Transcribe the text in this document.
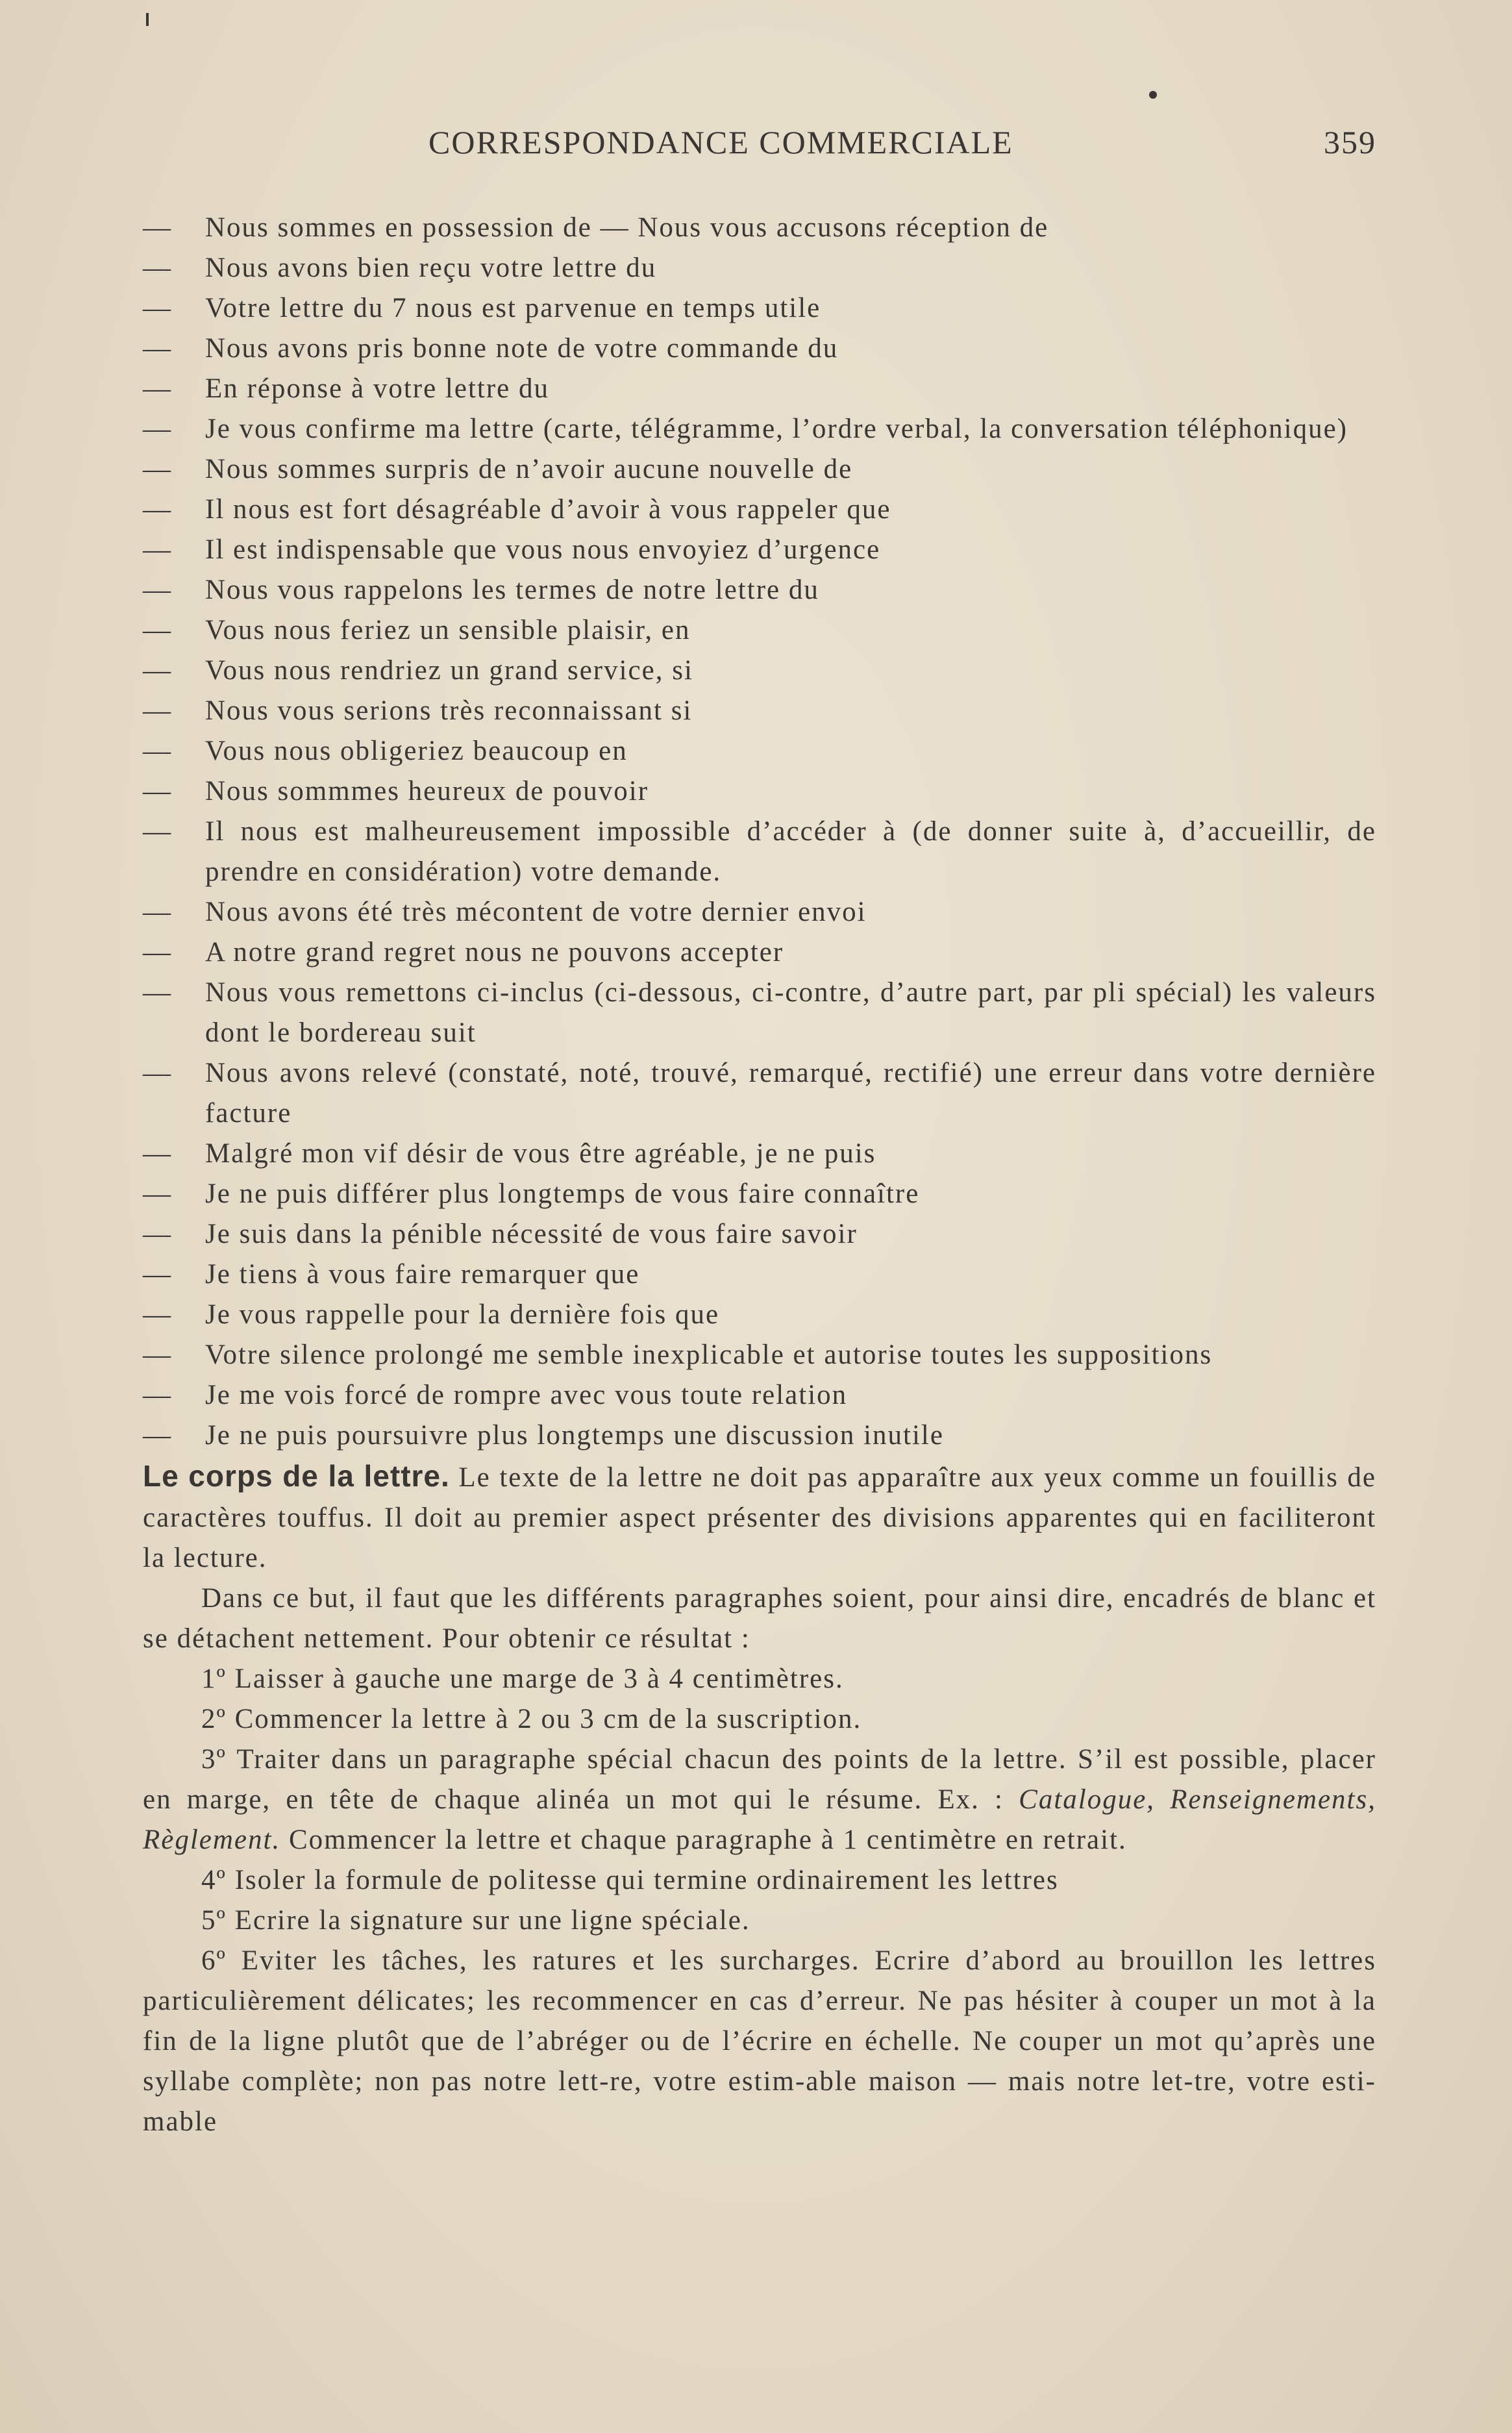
CORRESPONDANCE COMMERCIALE	359

—	Nous sommes en possession de — Nous vous accusons réception de

—	Nous avons bien reçu votre lettre du

—	Votre lettre du 7 nous est parvenue en temps utile

—	Nous avons pris bonne note de votre commande du

—	En réponse à votre lettre du

—	Je vous confirme ma lettre (carte, télégramme, l’ordre verbal, la conversation téléphonique)

—	Nous sommes surpris de n’avoir aucune nouvelle de

—	Il nous est fort désagréable d’avoir à vous rappeler que

—	Il est indispensable que vous nous envoyiez d’urgence

—	Nous vous rappelons les termes de notre lettre du

—	Vous nous feriez un sensible plaisir, en

—	Vous nous rendriez un grand service, si

—	Nous vous serions très reconnaissant si

—	Vous nous obligeriez beaucoup en

—	Nous sommmes heureux de pouvoir

—	Il nous est malheureusement impossible d’accéder à (de donner suite à, d’accueillir, de prendre en considération) votre demande.

—	Nous avons été très mécontent de votre dernier envoi

—	A notre grand regret nous ne pouvons accepter

—	Nous vous remettons ci-inclus (ci-dessous, ci-contre, d’autre part, par pli spécial) les valeurs dont le bordereau suit

—	Nous avons relevé (constaté, noté, trouvé, remarqué, rectifié) une erreur dans votre dernière facture

—	Malgré mon vif désir de vous être agréable, je ne puis

—	Je ne puis différer plus longtemps de vous faire connaître

—	Je suis dans la pénible nécessité de vous faire savoir

—	Je tiens à vous faire remarquer que

—	Je vous rappelle pour la dernière fois que

—	Votre silence prolongé me semble inexplicable et autorise toutes les suppositions

—	Je me vois forcé de rompre avec vous toute relation

—	Je ne puis poursuivre plus longtemps une discussion inutile

Le corps de la lettre. Le texte de la lettre ne doit pas apparaître aux yeux comme un fouillis de caractères touffus. Il doit au premier aspect présenter des divisions apparentes qui en faciliteront la lecture.

Dans ce but, il faut que les différents paragraphes soient, pour ainsi dire, encadrés de blanc et se détachent nettement. Pour obtenir ce résultat :

1º Laisser à gauche une marge de 3 à 4 centimètres.

2º Commencer la lettre à 2 ou 3 cm de la suscription.

3º Traiter dans un paragraphe spécial chacun des points de la lettre. S’il est possible, placer en marge, en tête de chaque alinéa un mot qui le résume. Ex. : Catalogue, Renseignements, Règlement. Commencer la lettre et chaque paragraphe à 1 centimètre en retrait.

4º Isoler la formule de politesse qui termine ordinairement les lettres

5º Ecrire la signature sur une ligne spéciale.

6º Eviter les tâches, les ratures et les surcharges. Ecrire d’abord au brouillon les lettres particulièrement délicates; les recommencer en cas d’erreur. Ne pas hésiter à couper un mot à la fin de la ligne plutôt que de l’abréger ou de l’écrire en échelle. Ne couper un mot qu’après une syllabe complète; non pas notre lett-re, votre estim-able maison — mais notre let-tre, votre esti-mable
